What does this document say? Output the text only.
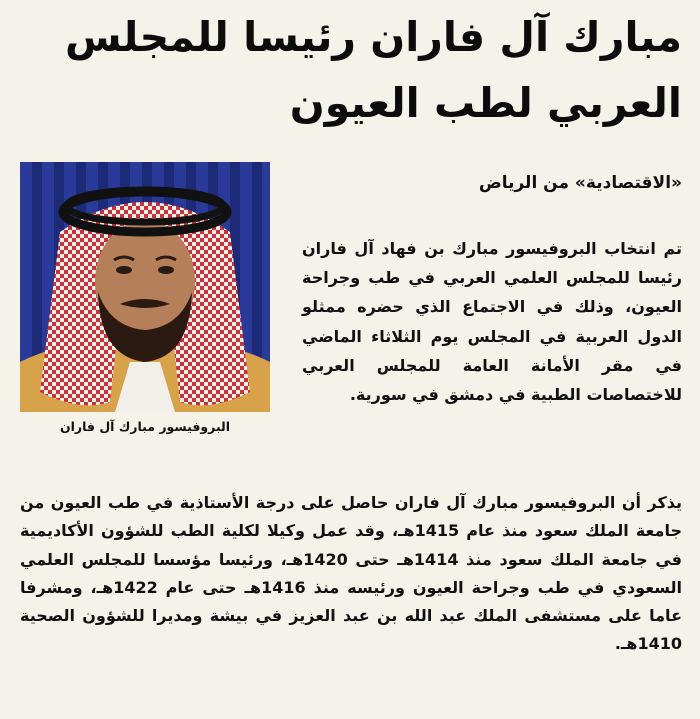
مبارك آل فاران رئيسا للمجلس العربي لطب العيون
«الاقتصادية» من الرياض
البروفيسور مبارك آل فاران

تم انتخاب البروفيسور مبارك بن فهاد آل فاران رئيسا للمجلس العلمي العربي في طب وجراحة العيون، وذلك في الاجتماع الذي حضره ممثلو الدول العربية في المجلس يوم الثلاثاء الماضي في مقر الأمانة العامة للمجلس العربي للاختصاصات الطبية في دمشق في سورية.

يذكر أن البروفيسور مبارك آل فاران حاصل على درجة الأستاذية في طب العيون من جامعة الملك سعود منذ عام 1415هـ، وقد عمل وكيلا لكلية الطب للشؤون الأكاديمية في جامعة الملك سعود منذ 1414هـ حتى 1420هـ، ورئيسا مؤسسا للمجلس العلمي السعودي في طب وجراحة العيون ورئيسه منذ 1416هـ حتى عام 1422هـ، ومشرفا عاما على مستشفى الملك عبد الله بن عبد العزيز في بيشة ومديرا للشؤون الصحية 1410هـ.
